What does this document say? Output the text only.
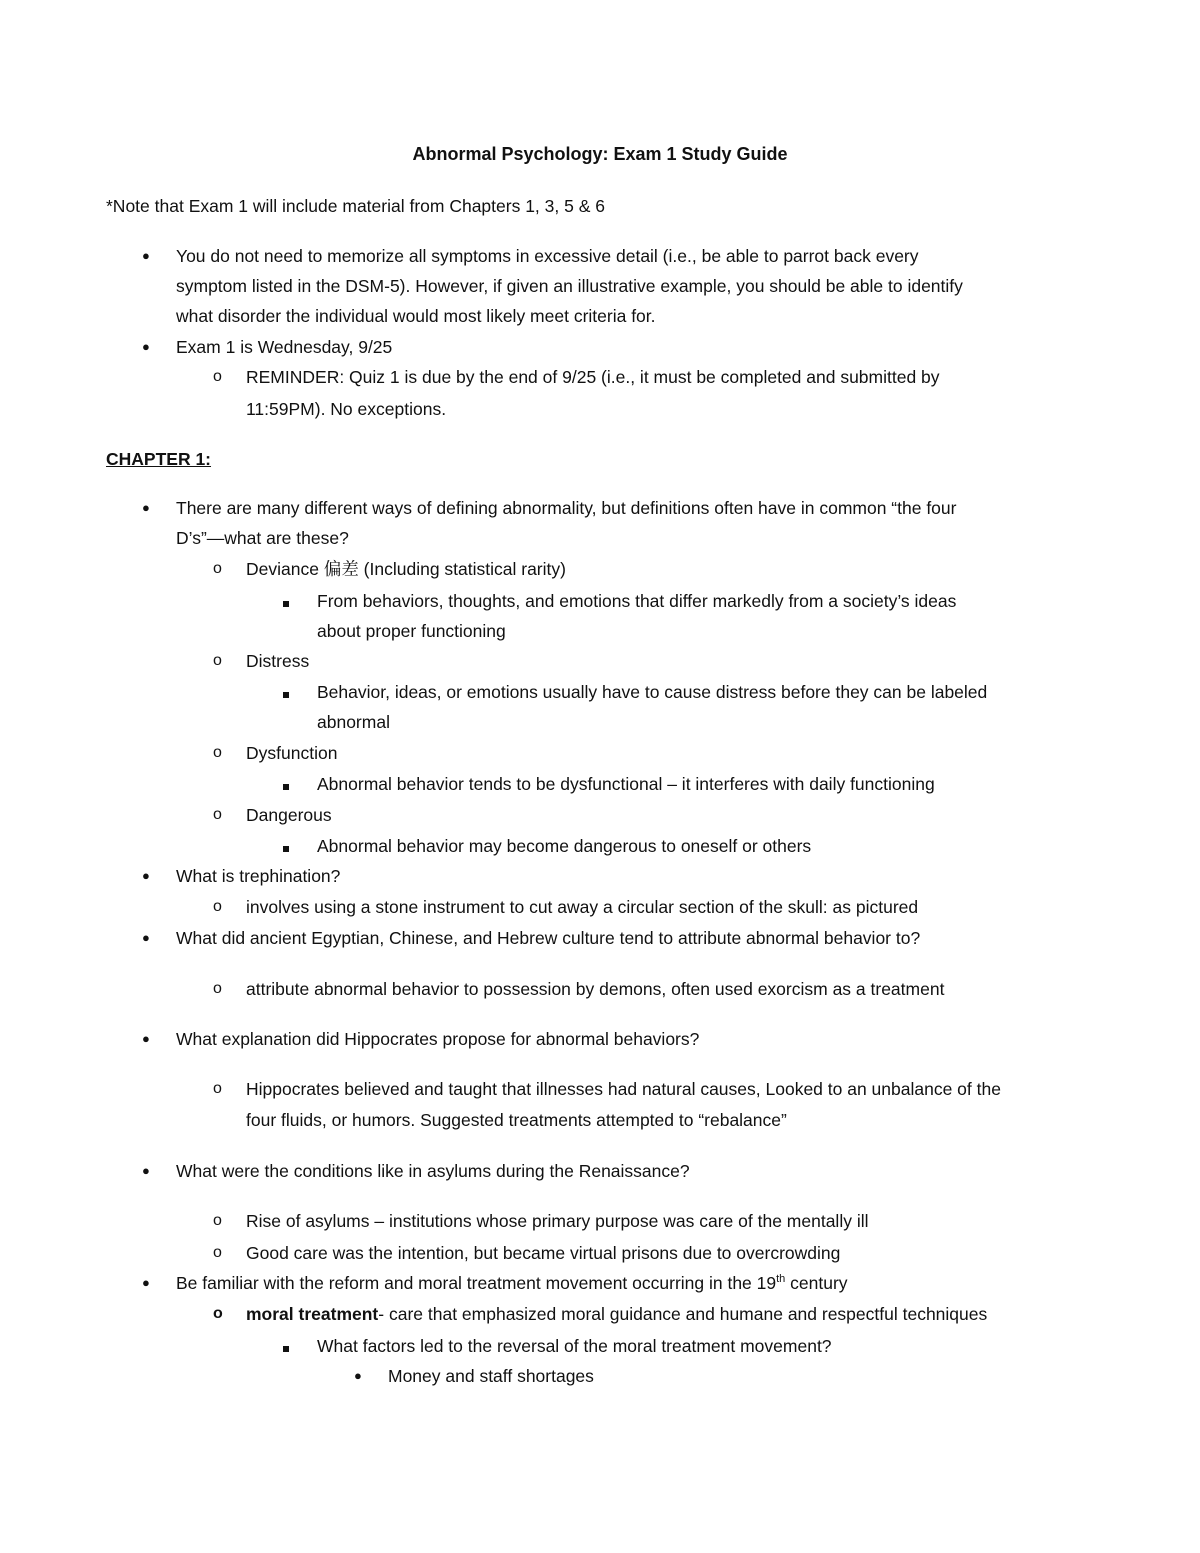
Abnormal Psychology: Exam 1 Study Guide
*Note that Exam 1 will include material from Chapters 1, 3, 5 & 6
● You do not need to memorize all symptoms in excessive detail (i.e., be able to parrot back every
symptom listed in the DSM-5). However, if given an illustrative example, you should be able to identify
what disorder the individual would most likely meet criteria for.
● Exam 1 is Wednesday, 9/25
o REMINDER: Quiz 1 is due by the end of 9/25 (i.e., it must be completed and submitted by
11:59PM). No exceptions.
CHAPTER 1:
● There are many different ways of defining abnormality, but definitions often have in common “the four
D’s”—what are these?
o Deviance 偏差 (Including statistical rarity)
From behaviors, thoughts, and emotions that differ markedly from a society’s ideas
about proper functioning
o Distress
Behavior, ideas, or emotions usually have to cause distress before they can be labeled
abnormal
o Dysfunction
Abnormal behavior tends to be dysfunctional – it interferes with daily functioning
o Dangerous
Abnormal behavior may become dangerous to oneself or others
● What is trephination?
o involves using a stone instrument to cut away a circular section of the skull: as pictured
● What did ancient Egyptian, Chinese, and Hebrew culture tend to attribute abnormal behavior to?
o attribute abnormal behavior to possession by demons, often used exorcism as a treatment
● What explanation did Hippocrates propose for abnormal behaviors?
o Hippocrates believed and taught that illnesses had natural causes, Looked to an unbalance of the
four fluids, or humors. Suggested treatments attempted to “rebalance”
● What were the conditions like in asylums during the Renaissance?
o Rise of asylums – institutions whose primary purpose was care of the mentally ill
o Good care was the intention, but became virtual prisons due to overcrowding
● Be familiar with the reform and moral treatment movement occurring in the 19th century
o moral treatment- care that emphasized moral guidance and humane and respectful techniques
What factors led to the reversal of the moral treatment movement?
● Money and staff shortages
